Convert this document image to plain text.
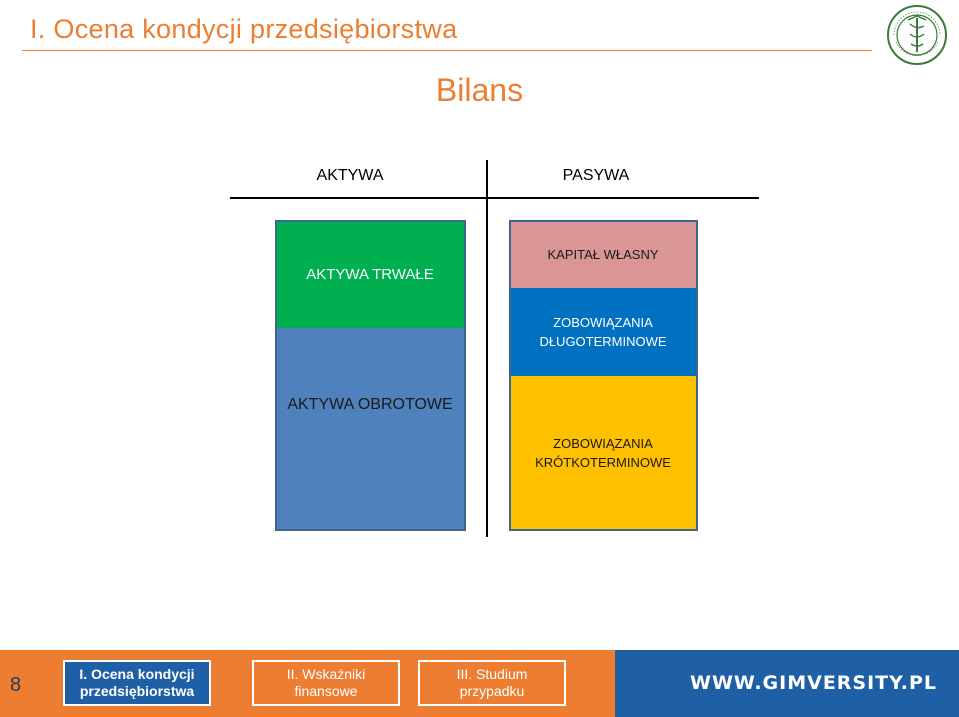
I. Ocena kondycji przedsiębiorstwa
Bilans
AKTYWA	PASYWA
AKTYWA TRWAŁE
AKTYWA OBROTOWE
KAPITAŁ WŁASNY
ZOBOWIĄZANIA
DŁUGOTERMINOWE
ZOBOWIĄZANIA
KRÓTKOTERMINOWE
8	I. Ocena kondycji
przedsiębiorstwa
II. Wskaźniki
finansowe
III. Studium
przypadku	WWW.GIMVERSITY.PL
